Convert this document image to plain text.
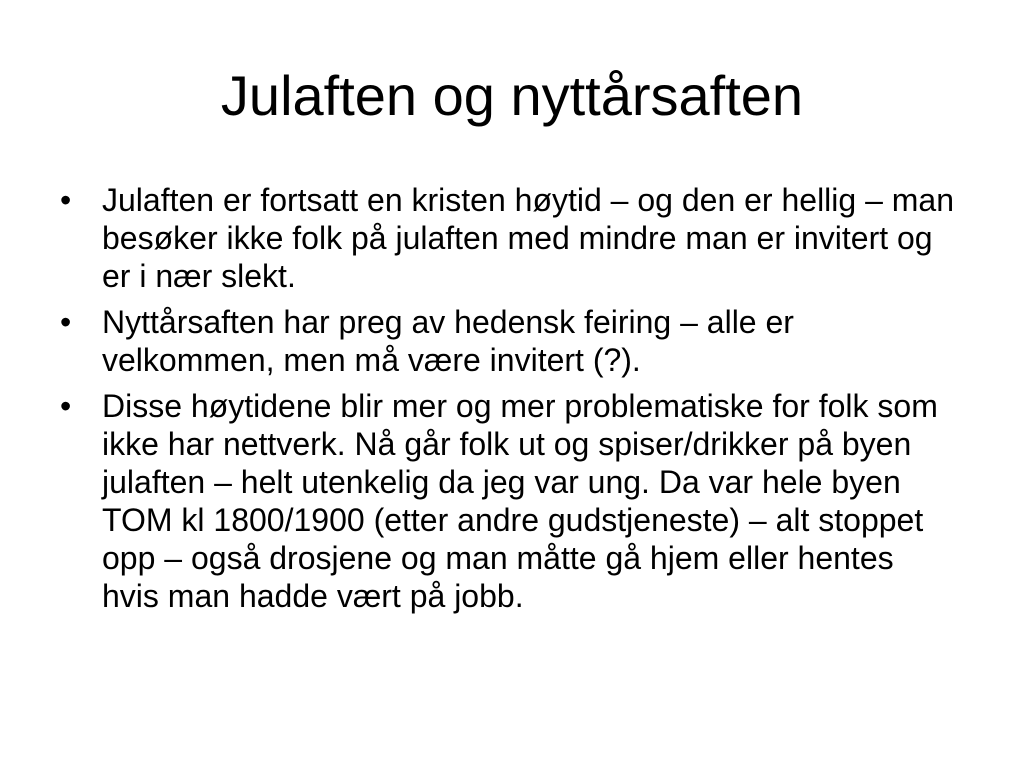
Julaften og nyttårsaften
• Julaften er fortsatt en kristen høytid – og den er hellig – man besøker ikke folk på julaften med mindre man er invitert og er i nær slekt.
• Nyttårsaften har preg av hedensk feiring – alle er velkommen, men må være invitert (?).
• Disse høytidene blir mer og mer problematiske for folk som ikke har nettverk. Nå går folk ut og spiser/drikker på byen julaften – helt utenkelig da jeg var ung. Da var hele byen TOM kl 1800/1900 (etter andre gudstjeneste) – alt stoppet opp – også drosjene og man måtte gå hjem eller hentes hvis man hadde vært på jobb.
